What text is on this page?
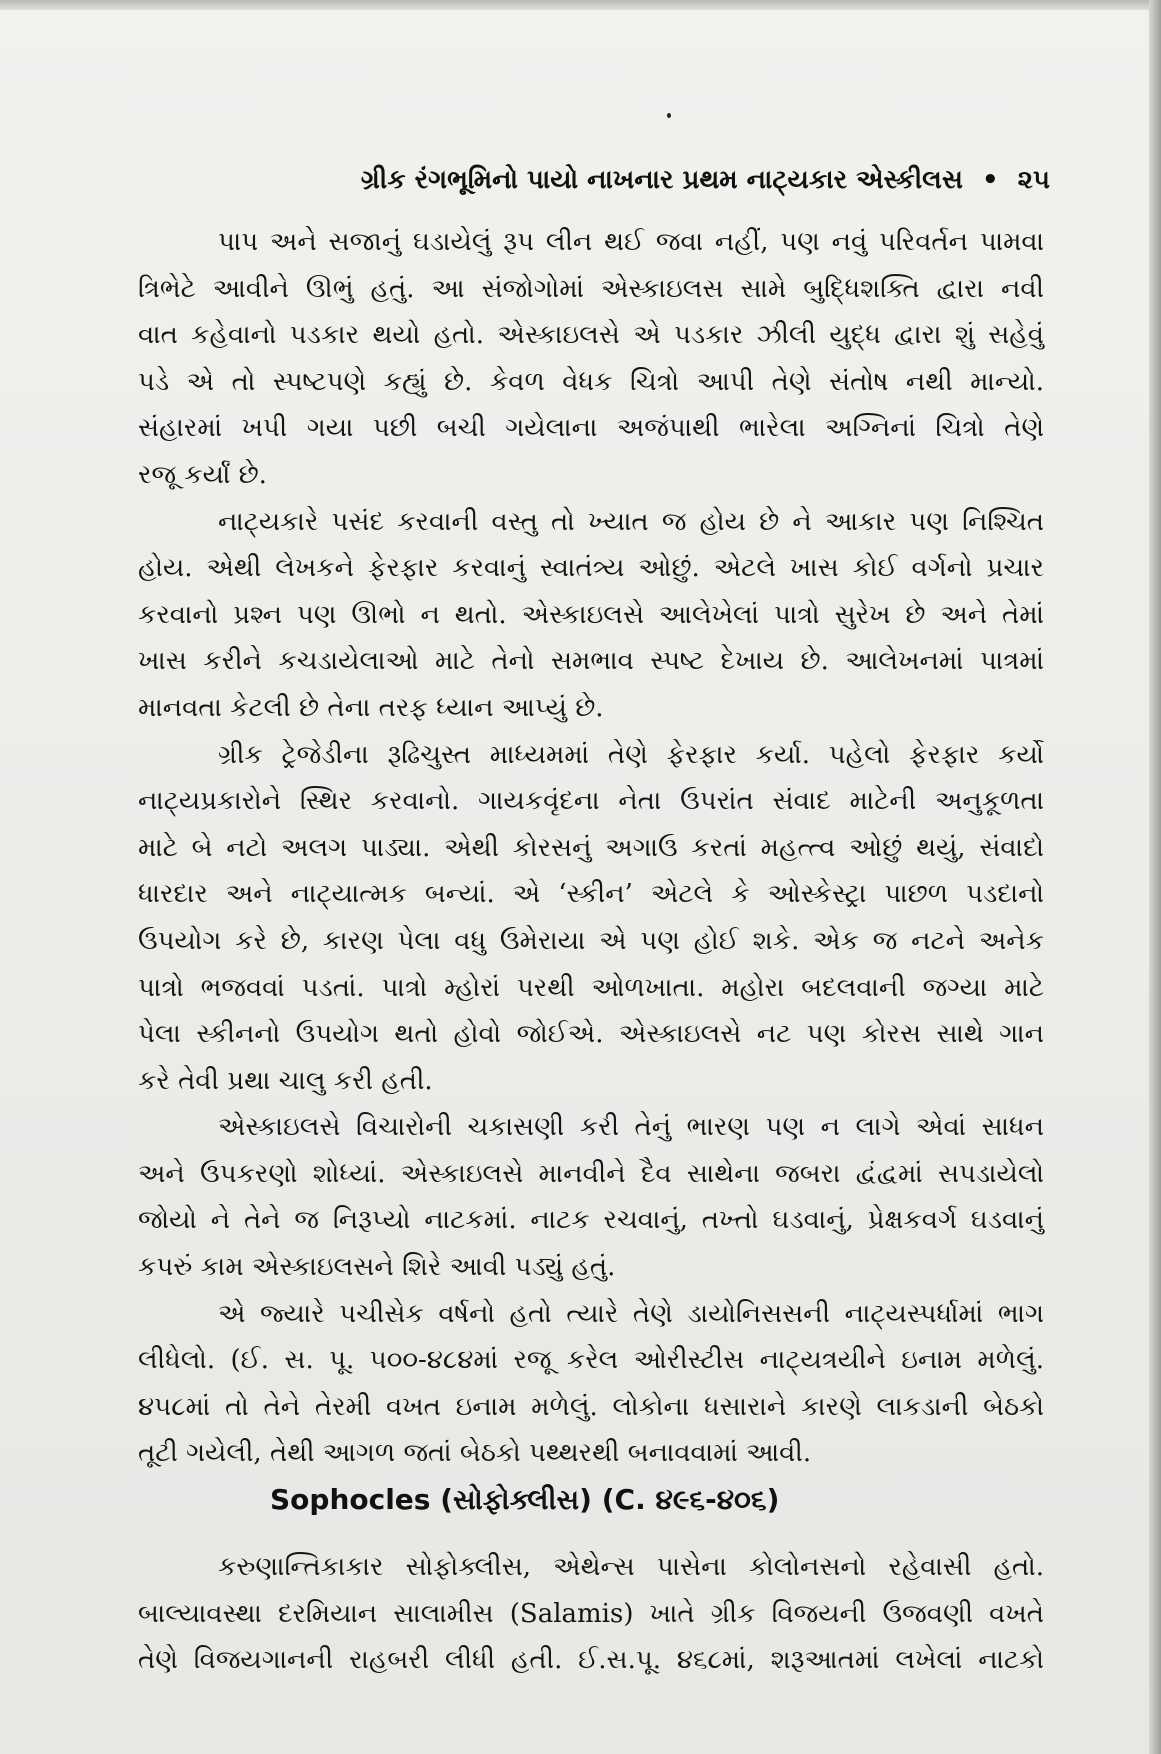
ગ્રીક રંગભૂમિનો પાયો નાખનાર પ્રથમ નાટ્યકાર એસ્કીલસ • ૨૫
પાપ અને સજાનું ઘડાયેલું રૂપ લીન થઈ જવા નહીં, પણ નવું પરિવર્તન પામવા
ત્રિભેટે આવીને ઊભું હતું. આ સંજોગોમાં એસ્કાઇલસ સામે બુદ્ધિશક્તિ દ્વારા નવી
વાત કહેવાનો પડકાર થયો હતો. એસ્કાઇલસે એ પડકાર ઝીલી યુદ્ધ દ્વારા શું સહેવું
પડે એ તો સ્પષ્ટપણે કહ્યું છે. કેવળ વેધક ચિત્રો આપી તેણે સંતોષ નથી માન્યો.
સંહારમાં ખપી ગયા પછી બચી ગયેલાના અજંપાથી ભારેલા અગ્નિનાં ચિત્રો તેણે
રજૂ કર્યાં છે.
નાટ્યકારે પસંદ કરવાની વસ્તુ તો ખ્યાત જ હોય છે ને આકાર પણ નિશ્ચિત
હોય. એથી લેખકને ફેરફાર કરવાનું સ્વાતંત્ર્ય ઓછું. એટલે ખાસ કોઈ વર્ગનો પ્રચાર
કરવાનો પ્રશ્ન પણ ઊભો ન થતો. એસ્કાઇલસે આલેખેલાં પાત્રો સુરેખ છે અને તેમાં
ખાસ કરીને કચડાયેલાઓ માટે તેનો સમભાવ સ્પષ્ટ દેખાય છે. આલેખનમાં પાત્રમાં
માનવતા કેટલી છે તેના તરફ ધ્યાન આપ્યું છે.
ગ્રીક ટ્રેજેડીના રૂઢિચુસ્ત માધ્યમમાં તેણે ફેરફાર કર્યા. પહેલો ફેરફાર કર્યો
નાટ્યપ્રકારોને સ્થિર કરવાનો. ગાયકવૃંદના નેતા ઉપરાંત સંવાદ માટેની અનુકૂળતા
માટે બે નટો અલગ પાડ્યા. એથી કોરસનું અગાઉ કરતાં મહત્ત્વ ઓછું થયું, સંવાદો
ધારદાર અને નાટ્યાત્મક બન્યાં. એ ‘સ્કીન’ એટલે કે ઓસ્કેસ્ટ્રા પાછળ પડદાનો
ઉપયોગ કરે છે, કારણ પેલા વધુ ઉમેરાયા એ પણ હોઈ શકે. એક જ નટને અનેક
પાત્રો ભજવવાં પડતાં. પાત્રો મ્હોરાં પરથી ઓળખાતા. મહોરા બદલવાની જગ્યા માટે
પેલા સ્કીનનો ઉપયોગ થતો હોવો જોઈએ. એસ્કાઇલસે નટ પણ કોરસ સાથે ગાન
કરે તેવી પ્રથા ચાલુ કરી હતી.
એસ્કાઇલસે વિચારોની ચકાસણી કરી તેનું ભારણ પણ ન લાગે એવાં સાધન
અને ઉપકરણો શોધ્યાં. એસ્કાઇલસે માનવીને દૈવ સાથેના જબરા દ્વંદ્વમાં સપડાયેલો
જોયો ને તેને જ નિરૂપ્યો નાટકમાં. નાટક રચવાનું, તખ્તો ઘડવાનું, પ્રેક્ષકવર્ગ ઘડવાનું
કપરું કામ એસ્કાઇલસને શિરે આવી પડ્યું હતું.
એ જ્યારે પચીસેક વર્ષનો હતો ત્યારે તેણે ડાયોનિસસની નાટ્યસ્પર્ધામાં ભાગ
લીધેલો. (ઈ. સ. પૂ. ૫૦૦-૪૮૪માં રજૂ કરેલ ઓરીસ્ટીસ નાટ્યત્રયીને ઇનામ મળેલું.
૪૫૮માં તો તેને તેરમી વખત ઇનામ મળેલું. લોકોના ધસારાને કારણે લાકડાની બેઠકો
તૂટી ગયેલી, તેથી આગળ જતાં બેઠકો પથ્થરથી બનાવવામાં આવી.
Sophocles (સોફોક્લીસ) (C. ૪૯૬-૪૦૬)
કરુણાન્તિકાકાર સોફોક્લીસ, એથેન્સ પાસેના કોલોનસનો રહેવાસી હતો.
બાલ્યાવસ્થા દરમિયાન સાલામીસ (Salamis) ખાતે ગ્રીક વિજયની ઉજવણી વખતે
તેણે વિજયગાનની રાહબરી લીધી હતી. ઈ.સ.પૂ. ૪૬૮માં, શરૂઆતમાં લખેલાં નાટકો
